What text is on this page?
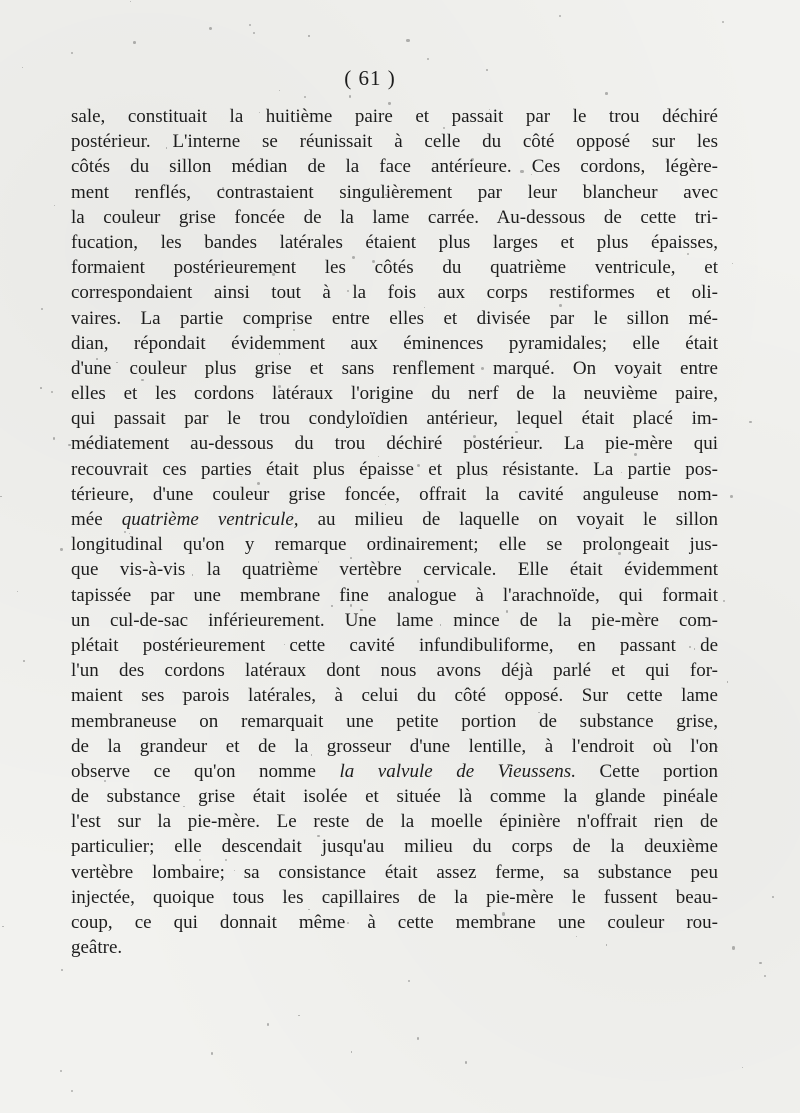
( 61 )
sale, constituait la huitième paire et passait par le trou déchiré
postérieur. L'interne se réunissait à celle du côté opposé sur les
côtés du sillon médian de la face antérieure. Ces cordons, légère-
ment renflés, contrastaient singulièrement par leur blancheur avec
la couleur grise foncée de la lame carrée. Au-dessous de cette tri-
fucation, les bandes latérales étaient plus larges et plus épaisses,
formaient postérieurement les côtés du quatrième ventricule, et
correspondaient ainsi tout à la fois aux corps restiformes et oli-
vaires. La partie comprise entre elles et divisée par le sillon mé-
dian, répondait évidemment aux éminences pyramidales; elle était
d'une couleur plus grise et sans renflement marqué. On voyait entre
elles et les cordons latéraux l'origine du nerf de la neuvième paire,
qui passait par le trou condyloïdien antérieur, lequel était placé im-
médiatement au-dessous du trou déchiré postérieur. La pie-mère qui
recouvrait ces parties était plus épaisse et plus résistante. La partie pos-
térieure, d'une couleur grise foncée, offrait la cavité anguleuse nom-
mée quatrième ventricule, au milieu de laquelle on voyait le sillon
longitudinal qu'on y remarque ordinairement; elle se prolongeait jus-
que vis-à-vis la quatrième vertèbre cervicale. Elle était évidemment
tapissée par une membrane fine analogue à l'arachnoïde, qui formait
un cul-de-sac inférieurement. Une lame mince de la pie-mère com-
plétait postérieurement cette cavité infundibuliforme, en passant de
l'un des cordons latéraux dont nous avons déjà parlé et qui for-
maient ses parois latérales, à celui du côté opposé. Sur cette lame
membraneuse on remarquait une petite portion de substance grise,
de la grandeur et de la grosseur d'une lentille, à l'endroit où l'on
observe ce qu'on nomme la valvule de Vieussens. Cette portion
de substance grise était isolée et située là comme la glande pinéale
l'est sur la pie-mère. Le reste de la moelle épinière n'offrait rien de
particulier; elle descendait jusqu'au milieu du corps de la deuxième
vertèbre lombaire; sa consistance était assez ferme, sa substance peu
injectée, quoique tous les capillaires de la pie-mère le fussent beau-
coup, ce qui donnait même à cette membrane une couleur rou-
geâtre.
